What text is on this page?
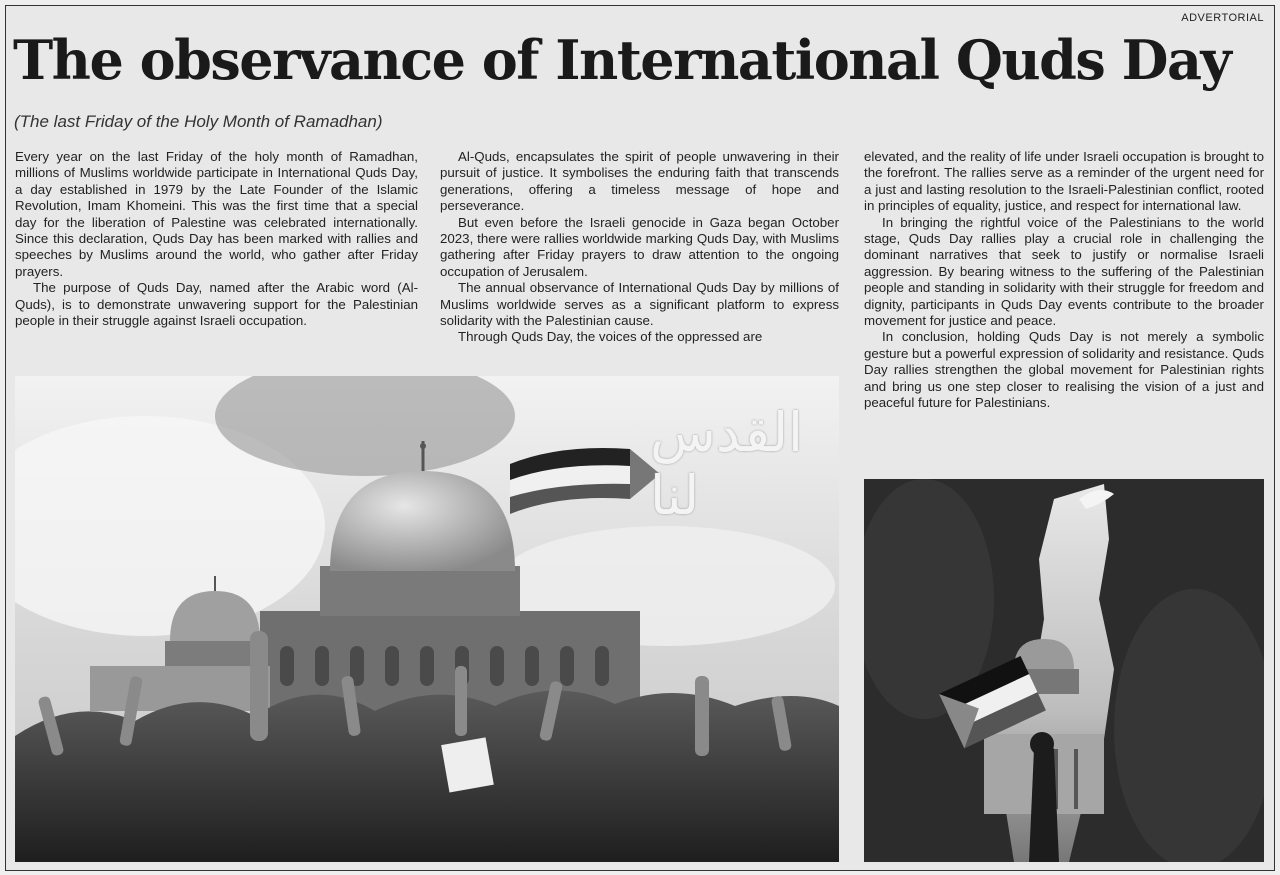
ADVERTORIAL
The observance of International Quds Day
(The last Friday of the Holy Month of Ramadhan)

Every year on the last Friday of the holy month of Ramadhan, millions of Muslims worldwide participate in International Quds Day, a day established in 1979 by the Late Founder of the Islamic Revolution, Imam Khomeini. This was the first time that a special day for the liberation of Palestine was celebrated internationally. Since this declaration, Quds Day has been marked with rallies and speeches by Muslims around the world, who gather after Friday prayers.

The purpose of Quds Day, named after the Arabic word (Al-Quds), is to demonstrate unwavering support for the Palestinian people in their struggle against Israeli occupation.

Al-Quds, encapsulates the spirit of people unwavering in their pursuit of justice. It symbolises the enduring faith that transcends generations, offering a timeless message of hope and perseverance.

But even before the Israeli genocide in Gaza began October 2023, there were rallies worldwide marking Quds Day, with Muslims gathering after Friday prayers to draw attention to the ongoing occupation of Jerusalem.

The annual observance of International Quds Day by millions of Muslims worldwide serves as a significant platform to express solidarity with the Palestinian cause.

Through Quds Day, the voices of the oppressed are

elevated, and the reality of life under Israeli occupation is brought to the forefront. The rallies serve as a reminder of the urgent need for a just and lasting resolution to the Israeli-Palestinian conflict, rooted in principles of equality, justice, and respect for international law.

In bringing the rightful voice of the Palestinians to the world stage, Quds Day rallies play a crucial role in challenging the dominant narratives that seek to justify or normalise Israeli aggression. By bearing witness to the suffering of the Palestinian people and standing in solidarity with their struggle for freedom and dignity, participants in Quds Day events contribute to the broader movement for justice and peace.

In conclusion, holding Quds Day is not merely a symbolic gesture but a powerful expression of solidarity and resistance. Quds Day rallies strengthen the global movement for Palestinian rights and bring us one step closer to realising the vision of a just and peaceful future for Palestinians.

القدس لنا
